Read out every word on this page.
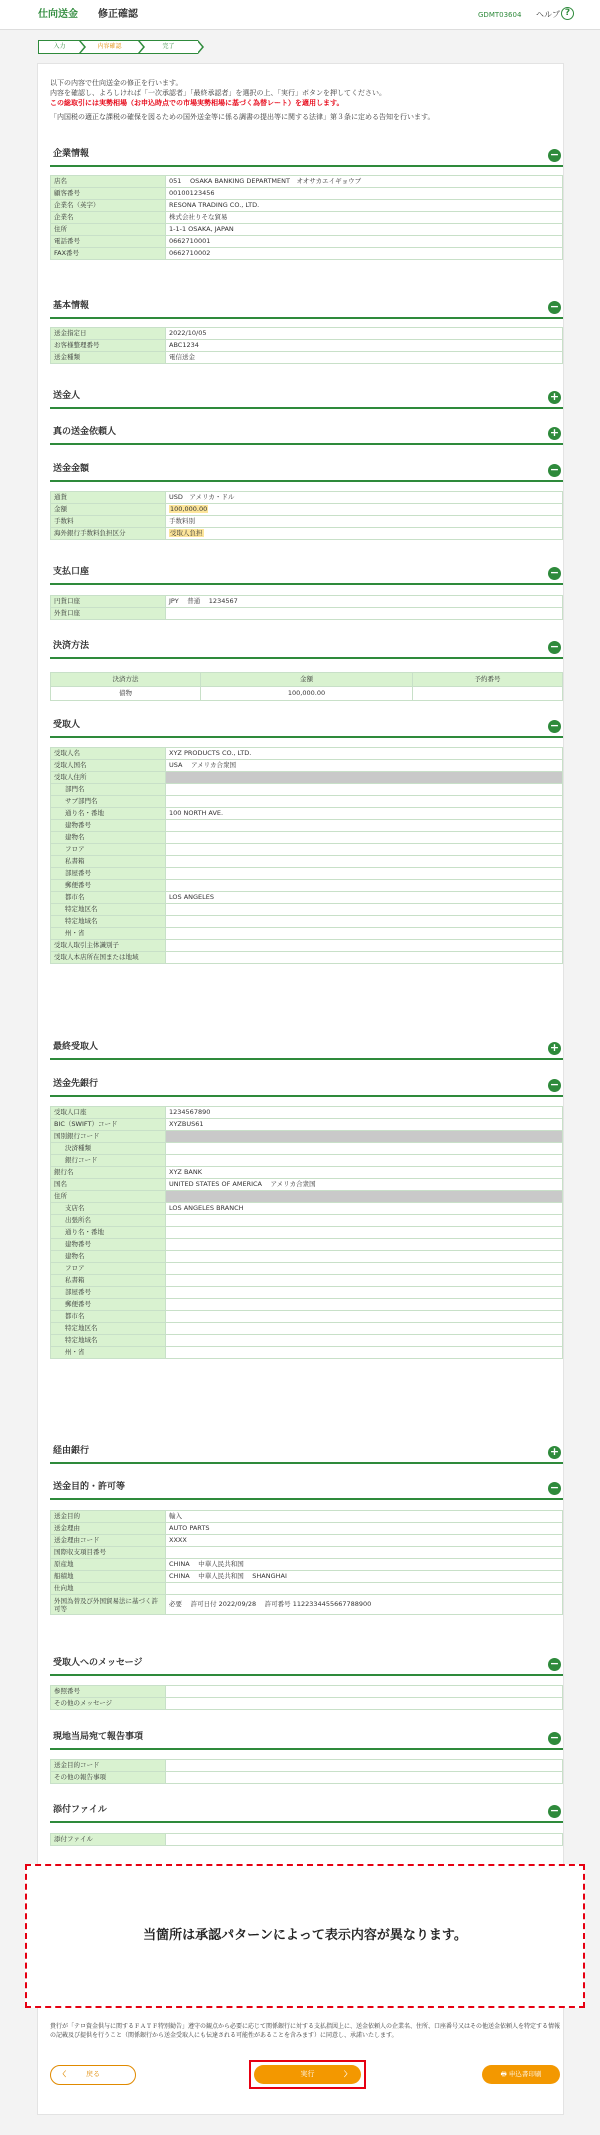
仕向送金 修正確認	GDMT03604 ヘルプ ?
入力	内容確認	完了

以下の内容で仕向送金の修正を行います。

内容を確認し、よろしければ「一次承認者」「最終承認者」を選択の上、「実行」ボタンを押してください。

この総取引には実勢相場（お申込時点での市場実勢相場に基づく為替レート）を適用します。

「内国税の適正な課税の確保を図るための国外送金等に係る調書の提出等に関する法律」第３条に定める告知を行います。

企業情報	−
店名	051　 OSAKA BANKING DEPARTMENT　オオサカエイギョウブ
顧客番号	00100123456
企業名（英字）	RESONA TRADING CO., LTD.
企業名	株式会社りそな貿易
住所	1-1-1 OSAKA, JAPAN
電話番号	0662710001
FAX番号	0662710002
基本情報	−
送金指定日	2022/10/05
お客様整理番号	ABC1234
送金種類	電信送金
送金人	+
真の送金依頼人	+
送金金額	−
通貨	USD　アメリカ・ドル
金額	100,000.00
手数料	手数料別
海外銀行手数料負担区分	受取人負担
支払口座	−
円貨口座	JPY　 普通　 1234567
外貨口座	
決済方法	−
決済方法	金額	予約番号
債物	100,000.00	
受取人	−
受取人名	XYZ PRODUCTS CO., LTD.
受取人国名	USA　 アメリカ合衆国
受取人住所	
部門名	
サブ部門名	
通り名・番地	100 NORTH AVE.
建物番号	
建物名	
フロア	
私書箱	
部屋番号	
郵便番号	
都市名	LOS ANGELES
特定地区名	
特定地域名	
州・省	
受取人取引主体識別子	
受取人本店所在国または地域	
最終受取人	+
送金先銀行	−
受取人口座	1234567890
BIC（SWIFT）コード	XYZBUS61
国別銀行コード	
決済種類	
銀行コード	
銀行名	XYZ BANK
国名	UNITED STATES OF AMERICA　 アメリカ合衆国
住所	
支店名	LOS ANGELES BRANCH
出張所名	
通り名・番地	
建物番号	
建物名	
フロア	
私書箱	
部屋番号	
郵便番号	
都市名	
特定地区名	
特定地域名	
州・省	
経由銀行	+
送金目的・許可等	−
送金目的	輸入
送金理由	AUTO PARTS
送金理由コード	XXXX
国際収支項目番号	
原産地	CHINA　 中華人民共和国
船積地	CHINA　 中華人民共和国　 SHANGHAI
仕向地	
外国為替及び外国貿易法に基づく許可等	必要　 許可日付 2022/09/28　 許可番号 1122334455667788900
受取人へのメッセージ	−
参照番号	
その他のメッセージ	
現地当局宛て報告事項	−
送金目的コード	
その他の報告事項	
添付ファイル	−
添付ファイル	
当箇所は承認パターンによって表示内容が異なります。
貴行が「テロ資金供与に関するＦＡＴＦ特別勧告」遵守の観点から必要に応じて関係銀行に対する支払指図上に、送金依頼人の企業名、住所、口座番号又はその他送金依頼人を特定する情報の記載及び提供を行うこと（関係銀行から送金受取人にも伝達される可能性があることを含みます）に同意し、承諾いたします。
〈	戻る	実行	〉	🖶 申込書印刷
